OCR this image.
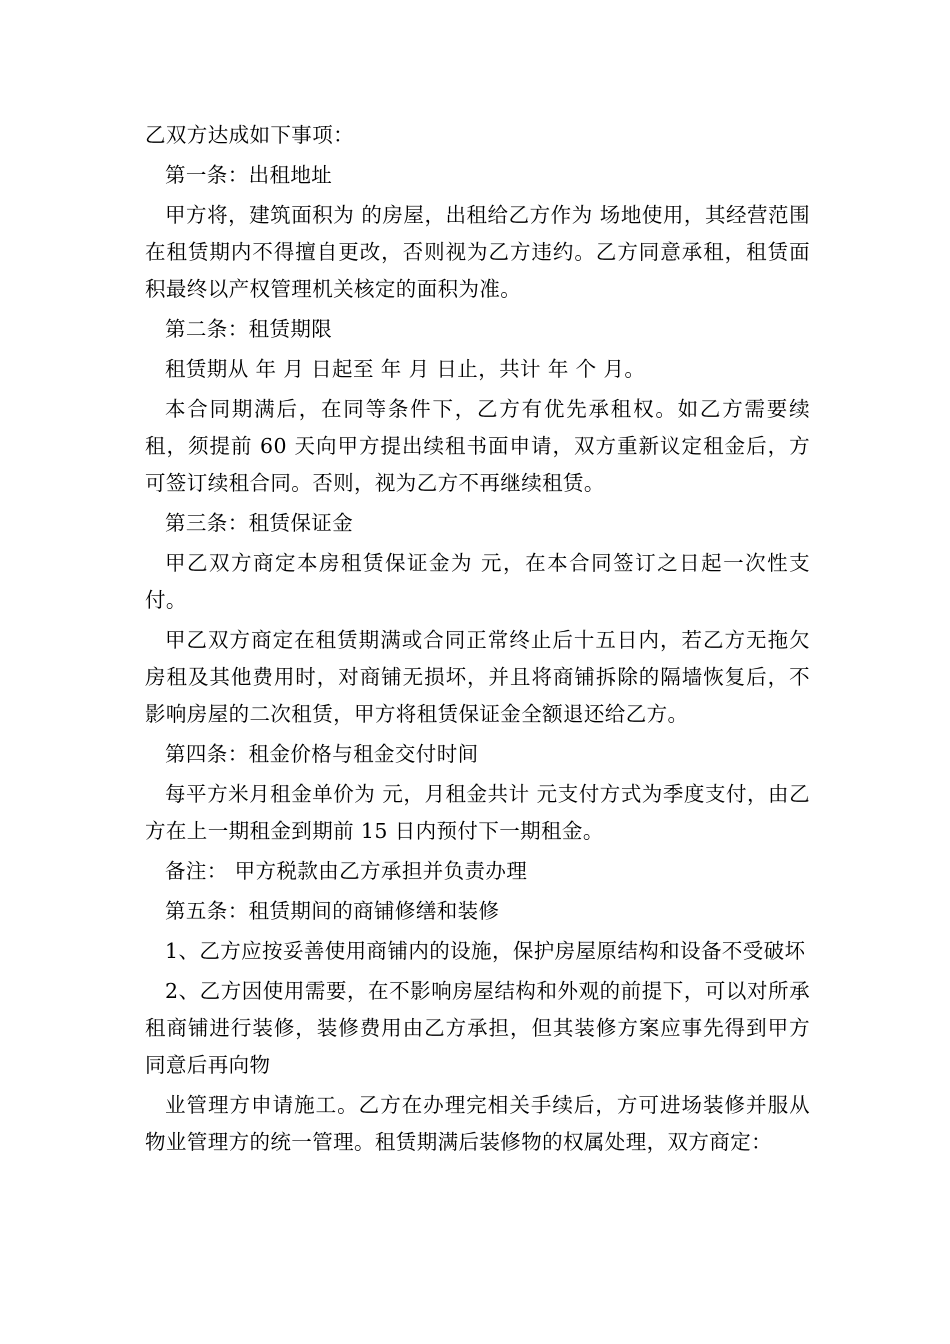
乙双方达成如下事项：

第一条：出租地址

甲方将，建筑面积为 的房屋，出租给乙方作为 场地使用，其经营范围在租赁期内不得擅自更改，否则视为乙方违约。乙方同意承租，租赁面积最终以产权管理机关核定的面积为准。

第二条：租赁期限

租赁期从 年 月 日起至 年 月 日止，共计 年 个 月。

本合同期满后，在同等条件下，乙方有优先承租权。如乙方需要续租，须提前 60 天向甲方提出续租书面申请，双方重新议定租金后，方可签订续租合同。否则，视为乙方不再继续租赁。

第三条：租赁保证金

甲乙双方商定本房租赁保证金为 元，在本合同签订之日起一次性支付。

甲乙双方商定在租赁期满或合同正常终止后十五日内，若乙方无拖欠房租及其他费用时，对商铺无损坏，并且将商铺拆除的隔墙恢复后，不影响房屋的二次租赁，甲方将租赁保证金全额退还给乙方。

第四条：租金价格与租金交付时间

每平方米月租金单价为 元，月租金共计 元支付方式为季度支付，由乙方在上一期租金到期前 15 日内预付下一期租金。

备注： 甲方税款由乙方承担并负责办理

第五条：租赁期间的商铺修缮和装修

1、乙方应按妥善使用商铺内的设施，保护房屋原结构和设备不受破坏

2、乙方因使用需要，在不影响房屋结构和外观的前提下，可以对所承租商铺进行装修，装修费用由乙方承担，但其装修方案应事先得到甲方同意后再向物

业管理方申请施工。乙方在办理完相关手续后，方可进场装修并服从物业管理方的统一管理。租赁期满后装修物的权属处理，双方商定：
